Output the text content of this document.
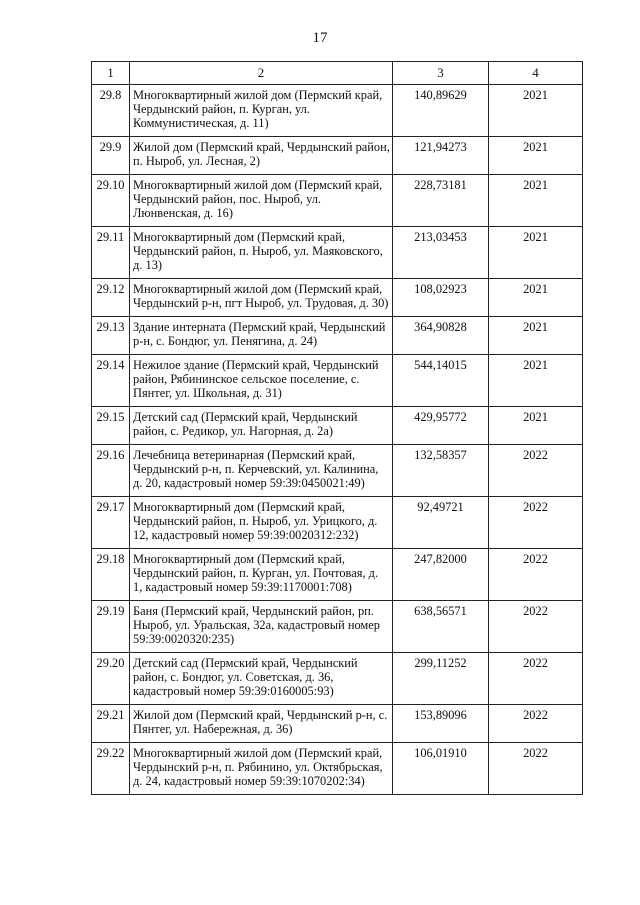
17
1	2	3	4
29.8	Многоквартирный жилой дом (Пермский край, Чердынский район, п. Курган, ул. Коммунистическая, д. 11)	140,89629	2021
29.9	Жилой дом (Пермский край, Чердынский район, п. Ныроб, ул. Лесная, 2)	121,94273	2021
29.10	Многоквартирный жилой дом (Пермский край, Чердынский район, пос. Ныроб, ул. Люнвенская, д. 16)	228,73181	2021
29.11	Многоквартирный дом (Пермский край, Чердынский район, п. Ныроб, ул. Маяковского, д. 13)	213,03453	2021
29.12	Многоквартирный жилой дом (Пермский край, Чердынский р-н, пгт Ныроб, ул. Трудовая, д. 30)	108,02923	2021
29.13	Здание интерната (Пермский край, Чердынский р-н, с. Бондюг, ул. Пенягина, д. 24)	364,90828	2021
29.14	Нежилое здание (Пермский край, Чердынский район, Рябининское сельское поселение, с. Пянтег, ул. Школьная, д. 31)	544,14015	2021
29.15	Детский сад (Пермский край, Чердынский район, с. Редикор, ул. Нагорная, д. 2а)	429,95772	2021
29.16	Лечебница ветеринарная (Пермский край, Чердынский р-н, п. Керчевский, ул. Калинина, д. 20, кадастровый номер 59:39:0450021:49)	132,58357	2022
29.17	Многоквартирный дом (Пермский край, Чердынский район, п. Ныроб, ул. Урицкого, д. 12, кадастровый номер 59:39:0020312:232)	92,49721	2022
29.18	Многоквартирный дом (Пермский край, Чердынский район, п. Курган, ул. Почтовая, д. 1, кадастровый номер 59:39:1170001:708)	247,82000	2022
29.19	Баня (Пермский край, Чердынский район, рп. Ныроб, ул. Уральская, 32а, кадастровый номер 59:39:0020320:235)	638,56571	2022
29.20	Детский сад (Пермский край, Чердынский район, с. Бондюг, ул. Советская, д. 36, кадастровый номер 59:39:0160005:93)	299,11252	2022
29.21	Жилой дом (Пермский край, Чердынский р-н, с. Пянтег, ул. Набережная, д. 36)	153,89096	2022
29.22	Многоквартирный жилой дом (Пермский край, Чердынский р-н, п. Рябинино, ул. Октябрьская, д. 24, кадастровый номер 59:39:1070202:34)	106,01910	2022
